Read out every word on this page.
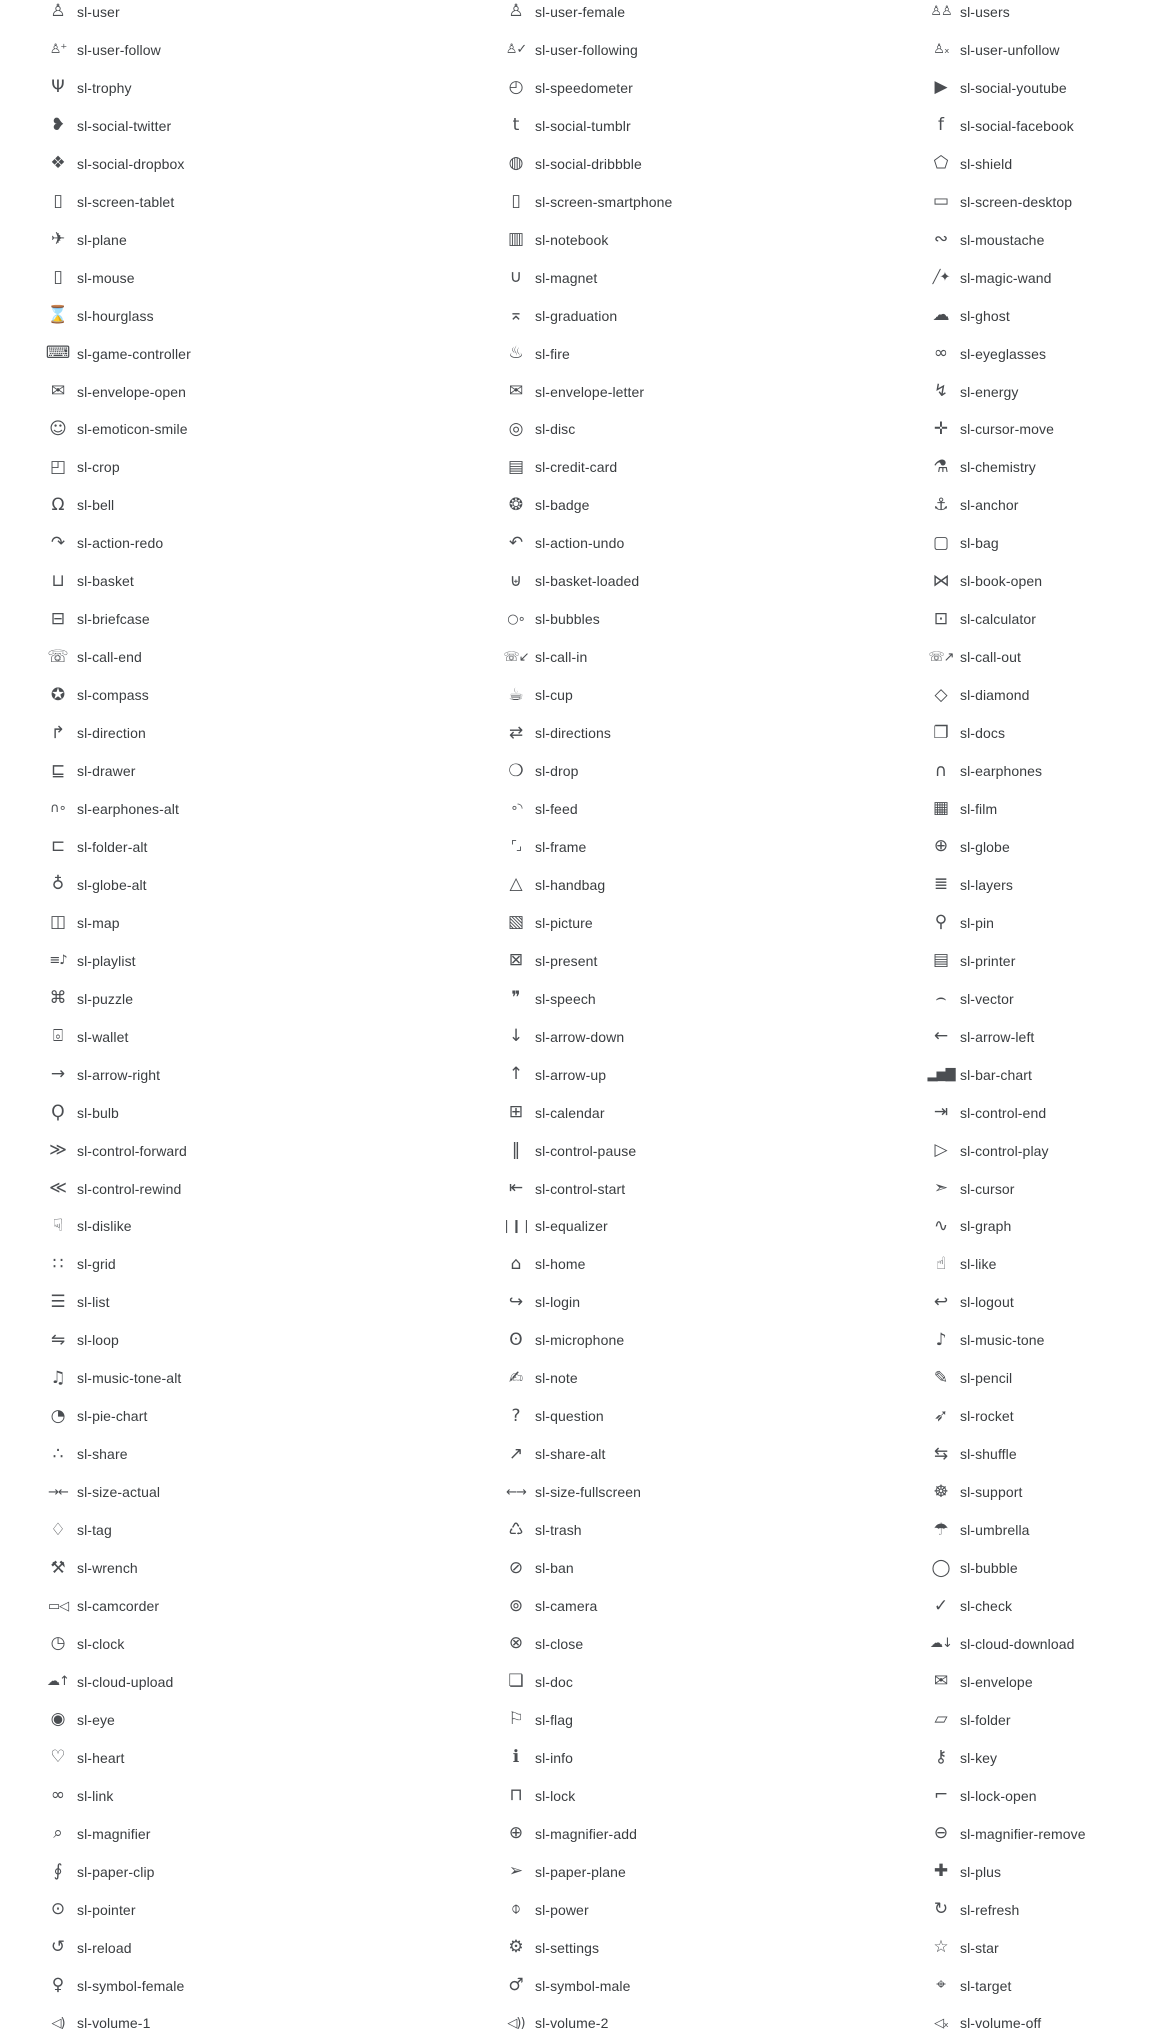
♙ sl-user
♙⁺ sl-user-follow
Ψ sl-trophy
❥ sl-social-twitter
❖ sl-social-dropbox
▯	sl-screen-tablet
✈ sl-plane
▯	sl-mouse
⌛ sl-hourglass
⌨ sl-game-controller
✉ sl-envelope-open
☺ sl-emoticon-smile
◰ sl-crop
Ω sl-bell
↷ sl-action-redo
⊔ sl-basket
⊟ sl-briefcase
☏ sl-call-end
✪ sl-compass
↱ sl-direction
⊑ sl-drawer
∩∘ sl-earphones-alt
⊏ sl-folder-alt
♁ sl-globe-alt
◫ sl-map
≡♪ sl-playlist
⌘ sl-puzzle
⌻ sl-wallet
→ sl-arrow-right
Ϙ sl-bulb
≫ sl-control-forward
≪ sl-control-rewind
☟ sl-dislike
∷ sl-grid
☰ sl-list
⇋ sl-loop
♫ sl-music-tone-alt
◔ sl-pie-chart
∴ sl-share
→← sl-size-actual
♢ sl-tag
⚒ sl-wrench
▭◁ sl-camcorder
◷ sl-clock
☁↑ sl-cloud-upload
◉ sl-eye
♡ sl-heart
∞ sl-link
⌕	sl-magnifier
∮	sl-paper-clip
⊙ sl-pointer
↺ sl-reload
♀ sl-symbol-female
◁) sl-volume-1
♙ sl-user-female
♙✓ sl-user-following
◴ sl-speedometer
t	sl-social-tumblr
◍ sl-social-dribbble
▯	sl-screen-smartphone
▥ sl-notebook
∪ sl-magnet
⌅ sl-graduation
♨ sl-fire
✉ sl-envelope-letter
◎ sl-disc
▤ sl-credit-card
❂ sl-badge
↶ sl-action-undo
⊎ sl-basket-loaded
○∘ sl-bubbles
☏↙ sl-call-in
☕ sl-cup
⇄ sl-directions
❍ sl-drop
∘◝ sl-feed
⌜⌟ sl-frame
△ sl-handbag
▧ sl-picture
⊠ sl-present
❞	sl-speech
↓ sl-arrow-down
↑ sl-arrow-up
⊞ sl-calendar
‖	sl-control-pause
⇤ sl-control-start
❘❙❘ sl-equalizer
⌂ sl-home
↪ sl-login
ʘ sl-microphone
✍ sl-note
?	sl-question
↗ sl-share-alt
←→ sl-size-fullscreen
♺ sl-trash
⊘ sl-ban
⊚ sl-camera
⊗ sl-close
❏ sl-doc
⚐ sl-flag
ℹ	sl-info
⊓ sl-lock
⊕ sl-magnifier-add
➢ sl-paper-plane
⌽ sl-power
⚙ sl-settings
♂ sl-symbol-male
◁)) sl-volume-2
♙♙ sl-users
♙ₓ sl-user-unfollow
▶ sl-social-youtube
f	sl-social-facebook
⬠ sl-shield
▭ sl-screen-desktop
∾ sl-moustache
╱✦ sl-magic-wand
☁ sl-ghost
∞ sl-eyeglasses
↯ sl-energy
✛ sl-cursor-move
⚗ sl-chemistry
⚓ sl-anchor
▢ sl-bag
⋈ sl-book-open
⊡ sl-calculator
☏↗ sl-call-out
◇ sl-diamond
❐ sl-docs
∩ sl-earphones
▦ sl-film
⊕ sl-globe
≣ sl-layers
⚲ sl-pin
▤ sl-printer
⌢ sl-vector
← sl-arrow-left
▂▅▇ sl-bar-chart
⇥ sl-control-end
▷ sl-control-play
➣ sl-cursor
∿ sl-graph
☝ sl-like
↩ sl-logout
♪ sl-music-tone
✎ sl-pencil
➶ sl-rocket
⇆ sl-shuffle
☸ sl-support
☂ sl-umbrella
◯ sl-bubble
✓ sl-check
☁↓ sl-cloud-download
✉ sl-envelope
▱ sl-folder
⚷ sl-key
⌐ sl-lock-open
⊖ sl-magnifier-remove
✚ sl-plus
↻ sl-refresh
☆ sl-star
⌖	sl-target
◁ₓ sl-volume-off
